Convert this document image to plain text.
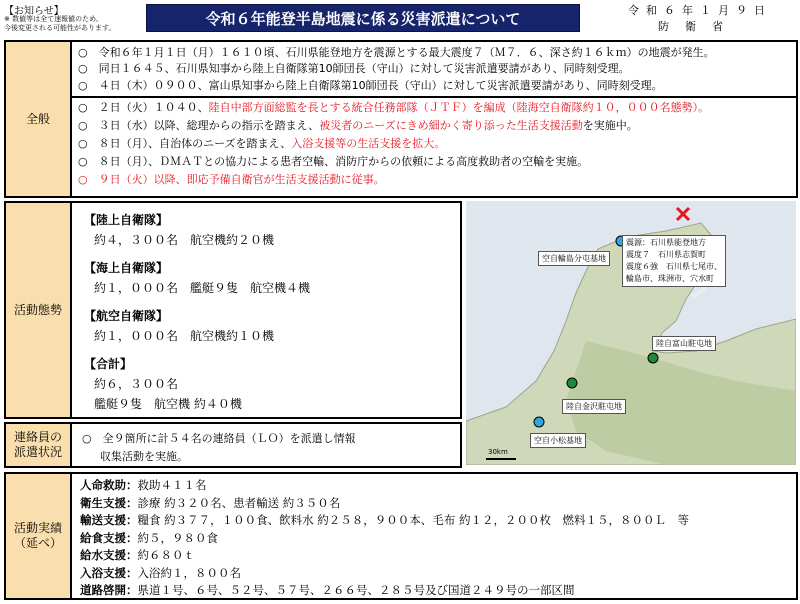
【お知らせ】
※ 数値等は全て速報値のため、
今後変更される可能性があります。
令和６年能登半島地震に係る災害派遣について	令和６年１月９日
防衛省
全般
○　令和６年１月１日（月）１６１０頃、石川県能登地方を震源とする最大震度７（Ｍ７．６、深さ約１６ｋｍ）の地震が発生。
○　同日１６４５、石川県知事から陸上自衛隊第10師団長（守山）に対して災害派遣要請があり、同時刻受理。
○　４日（木）０９００、富山県知事から陸上自衛隊第10師団長（守山）に対して災害派遣要請があり、同時刻受理。
○　２日（火）１０４０、陸自中部方面総監を長とする統合任務部隊（ＪＴＦ）を編成（陸海空自衛隊約１０，０００名態勢）。
○　３日（水）以降、総理からの指示を踏まえ、被災者のニーズにきめ細かく寄り添った生活支援活動を実施中。
○　８日（月）、自治体のニーズを踏まえ、入浴支援等の生活支援を拡大。
○　８日（月）、ＤＭＡＴとの協力による患者空輸、消防庁からの依頼による高度救助者の空輸を実施。
○　９日（火）以降、即応予備自衛官が生活支援活動に従事。
活動態勢
【陸上自衛隊】
約４，３００名　航空機約２０機
【海上自衛隊】
約１，０００名　艦艇９隻　航空機４機
【航空自衛隊】
約１，０００名　航空機約１０機
【合計】
約６，３００名
艦艇９隻　航空機 約４０機
震源：石川県能登地方
震度７　石川県志賀町
震度６強　石川県七尾市、
輪島市、珠洲市、穴水町
空自輪島分屯基地
陸自富山駐屯地
陸自金沢駐屯地
空自小松基地
30km
連絡員の
派遣状況
○　全９箇所に計５４名の連絡員（ＬＯ）を派遣し情報
収集活動を実施。
活動実績
（延べ）
人命救助：救助４１１名
衛生支援：診療 約３２０名、患者輸送 約３５０名
輸送支援：糧食 約３７７，１００食、飲料水 約２５８，９００本、毛布 約１２，２００枚　燃料１５，８００Ｌ　等
給食支援：約５，９８０食
給水支援：約６８０ｔ
入浴支援：入浴約１，８００名
道路啓開：県道１号、６号、５２号、５７号、２６６号、２８５号及び国道２４９号の一部区間
